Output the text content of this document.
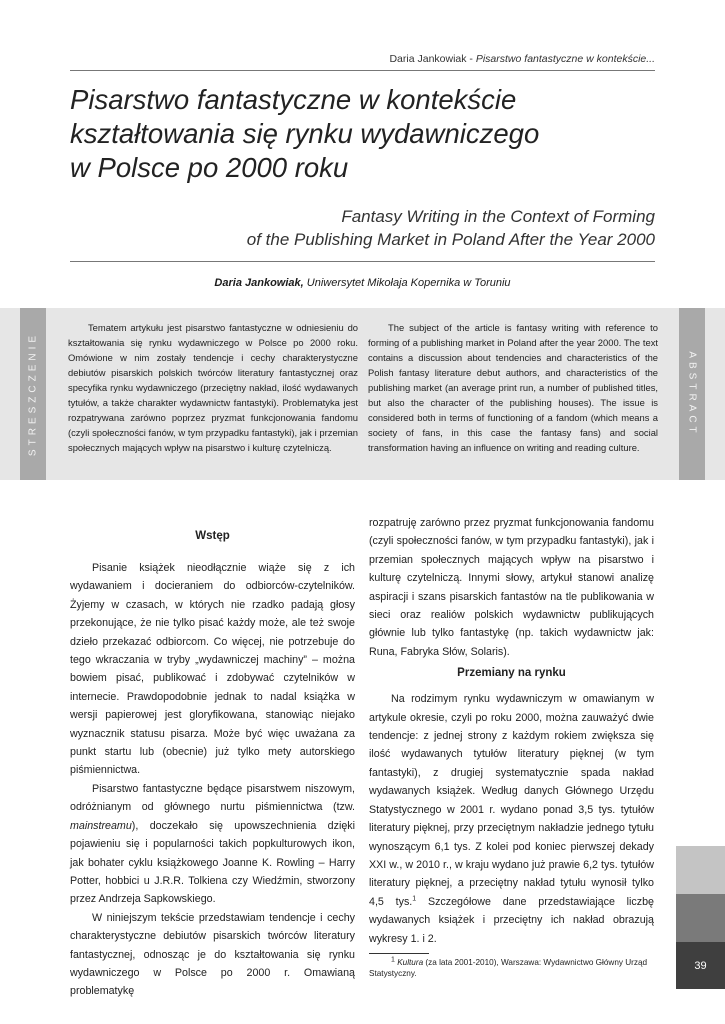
Daria Jankowiak - Pisarstwo fantastyczne w kontekście...
Pisarstwo fantastyczne w kontekście
kształtowania się rynku wydawniczego
w Polsce po 2000 roku

Fantasy Writing in the Context of Forming
of the Publishing Market in Poland After the Year 2000

Daria Jankowiak, Uniwersytet Mikołaja Kopernika w Toruniu
STRESZCZENIE

Tematem artykułu jest pisarstwo fantastyczne w odniesieniu do kształtowania się rynku wydawniczego w Polsce po 2000 roku. Omówione w nim zostały tendencje i cechy charakterystyczne debiutów pisarskich polskich twórców literatury fantastycznej oraz specyfika rynku wydawniczego (przeciętny nakład, ilość wydawanych tytułów, a także charakter wydawnictw fantastyki). Problematyka jest rozpatrywana zarówno poprzez pryzmat funkcjonowania fandomu (czyli społeczności fanów, w tym przypadku fantastyki), jak i przemian społecznych mających wpływ na pisarstwo i kulturę czytelniczą.

The subject of the article is fantasy writing with reference to forming of a publishing market in Poland after the year 2000. The text contains a discussion about tendencies and characteristics of the Polish fantasy literature debut authors, and characteristics of the publishing market (an average print run, a number of published titles, but also the character of the publishing houses). The issue is considered both in terms of functioning of a fandom (which means a society of fans, in this case the fantasy fans) and social transformation having an influence on writing and reading culture.

ABSTRACT
Wstęp

Pisanie książek nieodłącznie wiąże się z ich wydawaniem i docieraniem do odbiorców-czytelników. Żyjemy w czasach, w których nie rzadko padają głosy przekonujące, że nie tylko pisać każdy może, ale też swoje dzieło przekazać odbiorcom. Co więcej, nie potrzebuje do tego wkraczania w tryby „wydawniczej machiny” – można bowiem pisać, publikować i zdobywać czytelników w internecie. Prawdopodobnie jednak to nadal książka w wersji papierowej jest gloryfikowana, stanowiąc niejako wyznacznik statusu pisarza. Może być więc uważana za punkt startu lub (obecnie) już tylko mety autorskiego piśmiennictwa.

Pisarstwo fantastyczne będące pisarstwem niszowym, odróżnianym od głównego nurtu piśmiennictwa (tzw. mainstreamu), doczekało się upowszechnienia dzięki pojawieniu się i popularności takich popkulturowych ikon, jak bohater cyklu książkowego Joanne K. Rowling – Harry Potter, hobbici u J.R.R. Tolkiena czy Wiedźmin, stworzony przez Andrzeja Sapkowskiego.

W niniejszym tekście przedstawiam tendencje i cechy charakterystyczne debiutów pisarskich twórców literatury fantastycznej, odnosząc je do kształtowania się rynku wydawniczego w Polsce po 2000 r. Omawianą problematykę

rozpatruję zarówno przez pryzmat funkcjonowania fandomu (czyli społeczności fanów, w tym przypadku fantastyki), jak i przemian społecznych mających wpływ na pisarstwo i kulturę czytelniczą. Innymi słowy, artykuł stanowi analizę aspiracji i szans pisarskich fantastów na tle publikowania w sieci oraz realiów polskich wydawnictw publikujących głównie lub tylko fantastykę (np. takich wydawnictw jak: Runa, Fabryka Słów, Solaris).

Przemiany na rynku

Na rodzimym rynku wydawniczym w omawianym w artykule okresie, czyli po roku 2000, można zauważyć dwie tendencje: z jednej strony z każdym rokiem zwiększa się ilość wydawanych tytułów literatury pięknej (w tym fantastyki), z drugiej systematycznie spada nakład wydawanych książek. Według danych Głównego Urzędu Statystycznego w 2001 r. wydano ponad 3,5 tys. tytułów literatury pięknej, przy przeciętnym nakładzie jednego tytułu wynoszącym 6,1 tys. Z kolei pod koniec pierwszej dekady XXI w., w 2010 r., w kraju wydano już prawie 6,2 tys. tytułów literatury pięknej, a przeciętny nakład tytułu wynosił tylko 4,5 tys.$^1$ Szczegółowe dane przedstawiające liczbę wydawanych książek i przeciętny ich nakład obrazują wykresy 1. i 2.

$^1$ Kultura (za lata 2001-2010), Warszawa: Wydawnictwo Główny Urząd Statystyczny.

39
